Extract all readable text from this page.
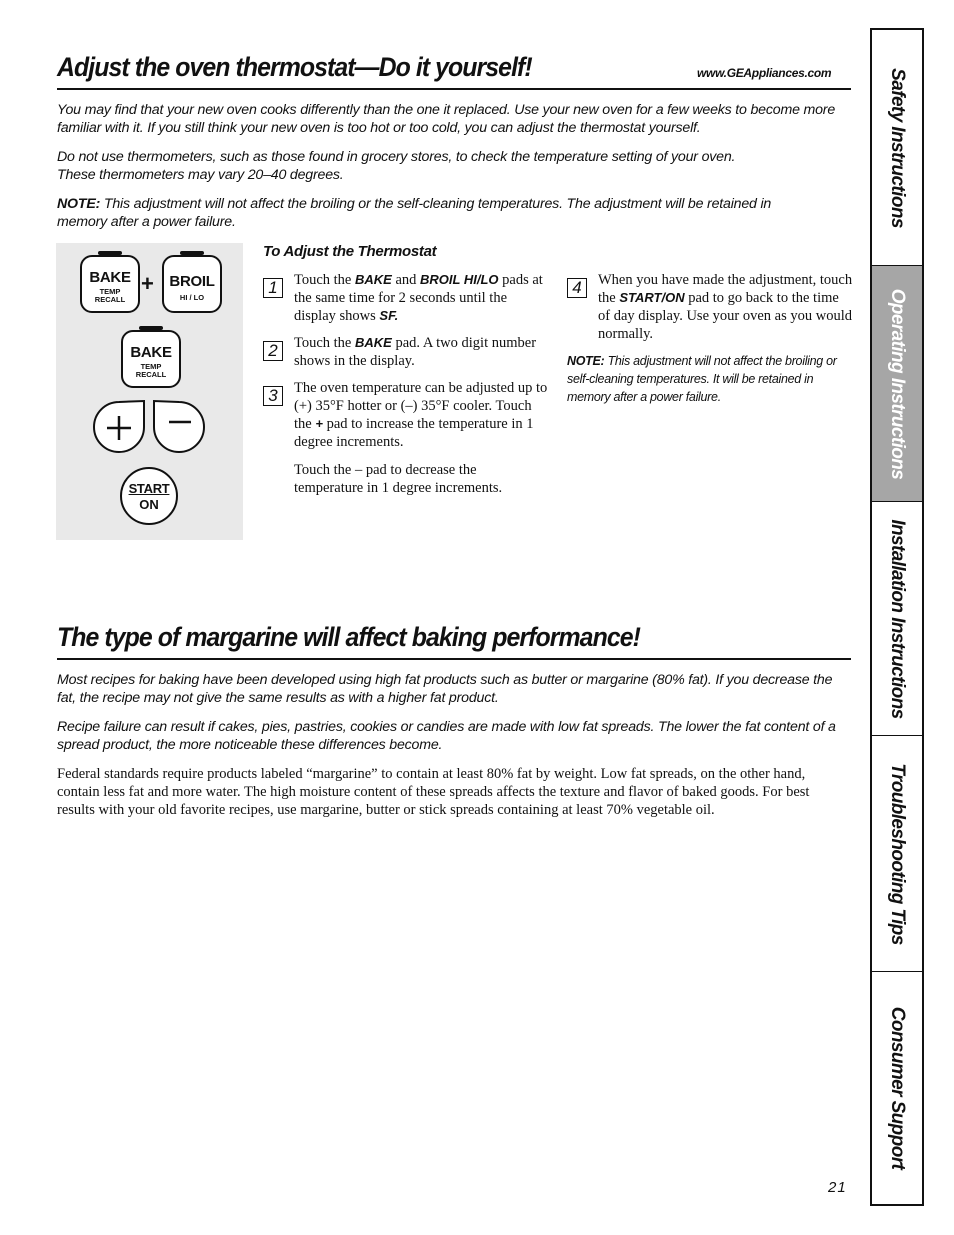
Adjust the oven thermostat—Do it yourself!	www.GEAppliances.com

You may find that your new oven cooks differently than the one it replaced. Use your new oven for a few weeks to become more familiar with it. If you still think your new oven is too hot or too cold, you can adjust the thermostat yourself.

Do not use thermometers, such as those found in grocery stores, to check the temperature setting of your oven.
These thermometers may vary 20–40 degrees.

NOTE: This adjustment will not affect the broiling or the self-cleaning temperatures. The adjustment will be retained in memory after a power failure.

BAKE
TEMP
RECALL
+	BROIL
HI / LO
BAKE
TEMP
RECALL
START
ON
To Adjust the Thermostat
1	Touch the BAKE and BROIL HI/LO pads at the same time for 2 seconds until the display shows SF.

2	Touch the BAKE pad. A two digit number shows in the display.

3	The oven temperature can be adjusted up to (+) 35°F hotter or (–) 35°F cooler. Touch the + pad to increase the temperature in 1 degree increments.

Touch the – pad to decrease the temperature in 1 degree increments.

4	When you have made the adjustment, touch the START/ON pad to go back to the time of day display. Use your oven as you would normally.

NOTE: This adjustment will not affect the broiling or self-cleaning temperatures. It will be retained in memory after a power failure.

The type of margarine will affect baking performance!

Most recipes for baking have been developed using high fat products such as butter or margarine (80% fat). If you decrease the fat, the recipe may not give the same results as with a higher fat product.

Recipe failure can result if cakes, pies, pastries, cookies or candies are made with low fat spreads. The lower the fat content of a spread product, the more noticeable these differences become.

Federal standards require products labeled “margarine” to contain at least 80% fat by weight. Low fat spreads, on the other hand, contain less fat and more water. The high moisture content of these spreads affects the texture and flavor of baked goods. For best results with your old favorite recipes, use margarine, butter or stick spreads containing at least 70% vegetable oil.

Safety Instructions
Operating Instructions
Installation Instructions
Troubleshooting Tips
Consumer Support
21
